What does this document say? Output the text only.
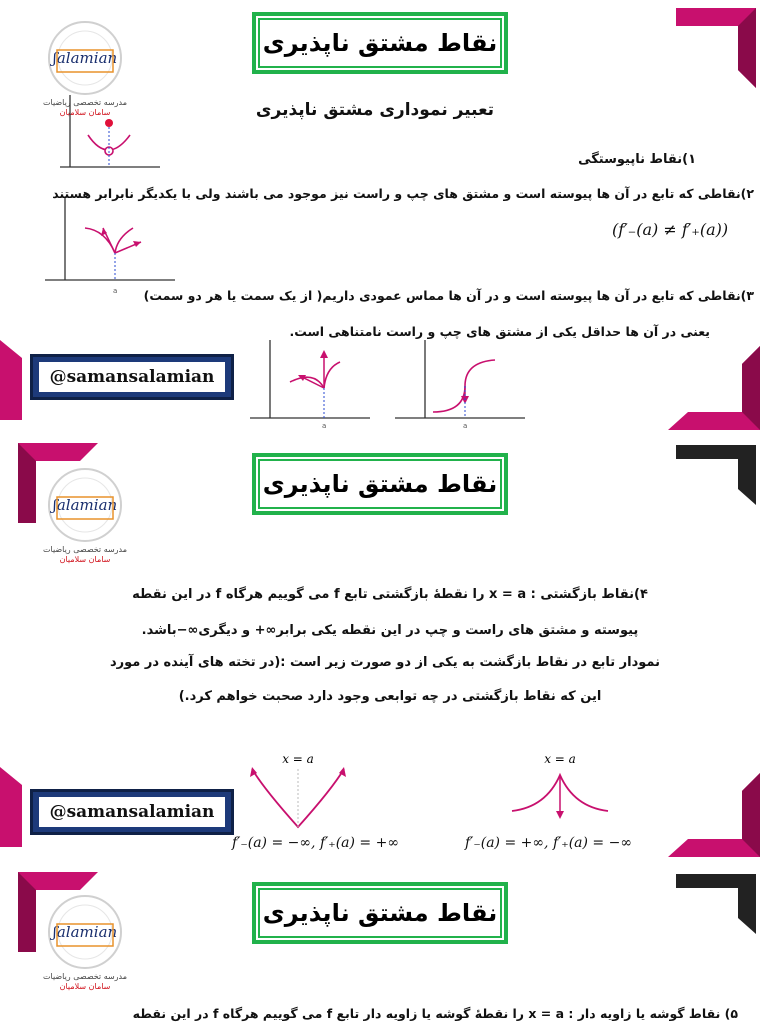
نقاط مشتق ناپذیری
ʃalamian
مدرسه تخصصی ریاضیات
سامان سلامیان	تعبیر نموداری مشتق ناپذیری
۱)نقاط ناپیوستگی
۲)نقاطی که تابع در آن ها پیوسته است و مشتق های چپ و راست نیز موجود می باشند ولی با یکدیگر نابرابر هستند
(f′₋(a) ≠ f′₊(a))
a ۳)نقاطی که تابع در آن ها پیوسته است و در آن ها مماس عمودی داریم( از یک سمت یا هر دو سمت)
یعنی در آن ها حداقل یکی از مشتق های چپ و راست نامتناهی است.
@samansalamian
a	a
نقاط مشتق ناپذیری
ʃalamian
مدرسه تخصصی ریاضیات
سامان سلامیان
۴)نقاط بازگشتی : x = a را نقطهٔ بازگشتی تابع f می گوییم هرگاه f در این نقطه
پیوسته و مشتق های راست و چپ در این نقطه یکی برابر∞+ و دیگری∞−باشد.
نمودار تابع در نقاط بازگشت به یکی از دو صورت زیر است :(در تخته های آینده در مورد
این که نقاط بازگشتی در چه توابعی وجود دارد صحبت خواهم کرد.)
@samansalamian
x = a
f′₋(a) = −∞, f′₊(a) = +∞
x = a
f′₋(a) = +∞, f′₊(a) = −∞
نقاط مشتق ناپذیری
ʃalamian
مدرسه تخصصی ریاضیات
سامان سلامیان
۵) نقاط گوشه یا زاویه دار : x = a را نقطهٔ گوشه یا زاویه دار تابع f می گوییم هرگاه f در این نقطه
